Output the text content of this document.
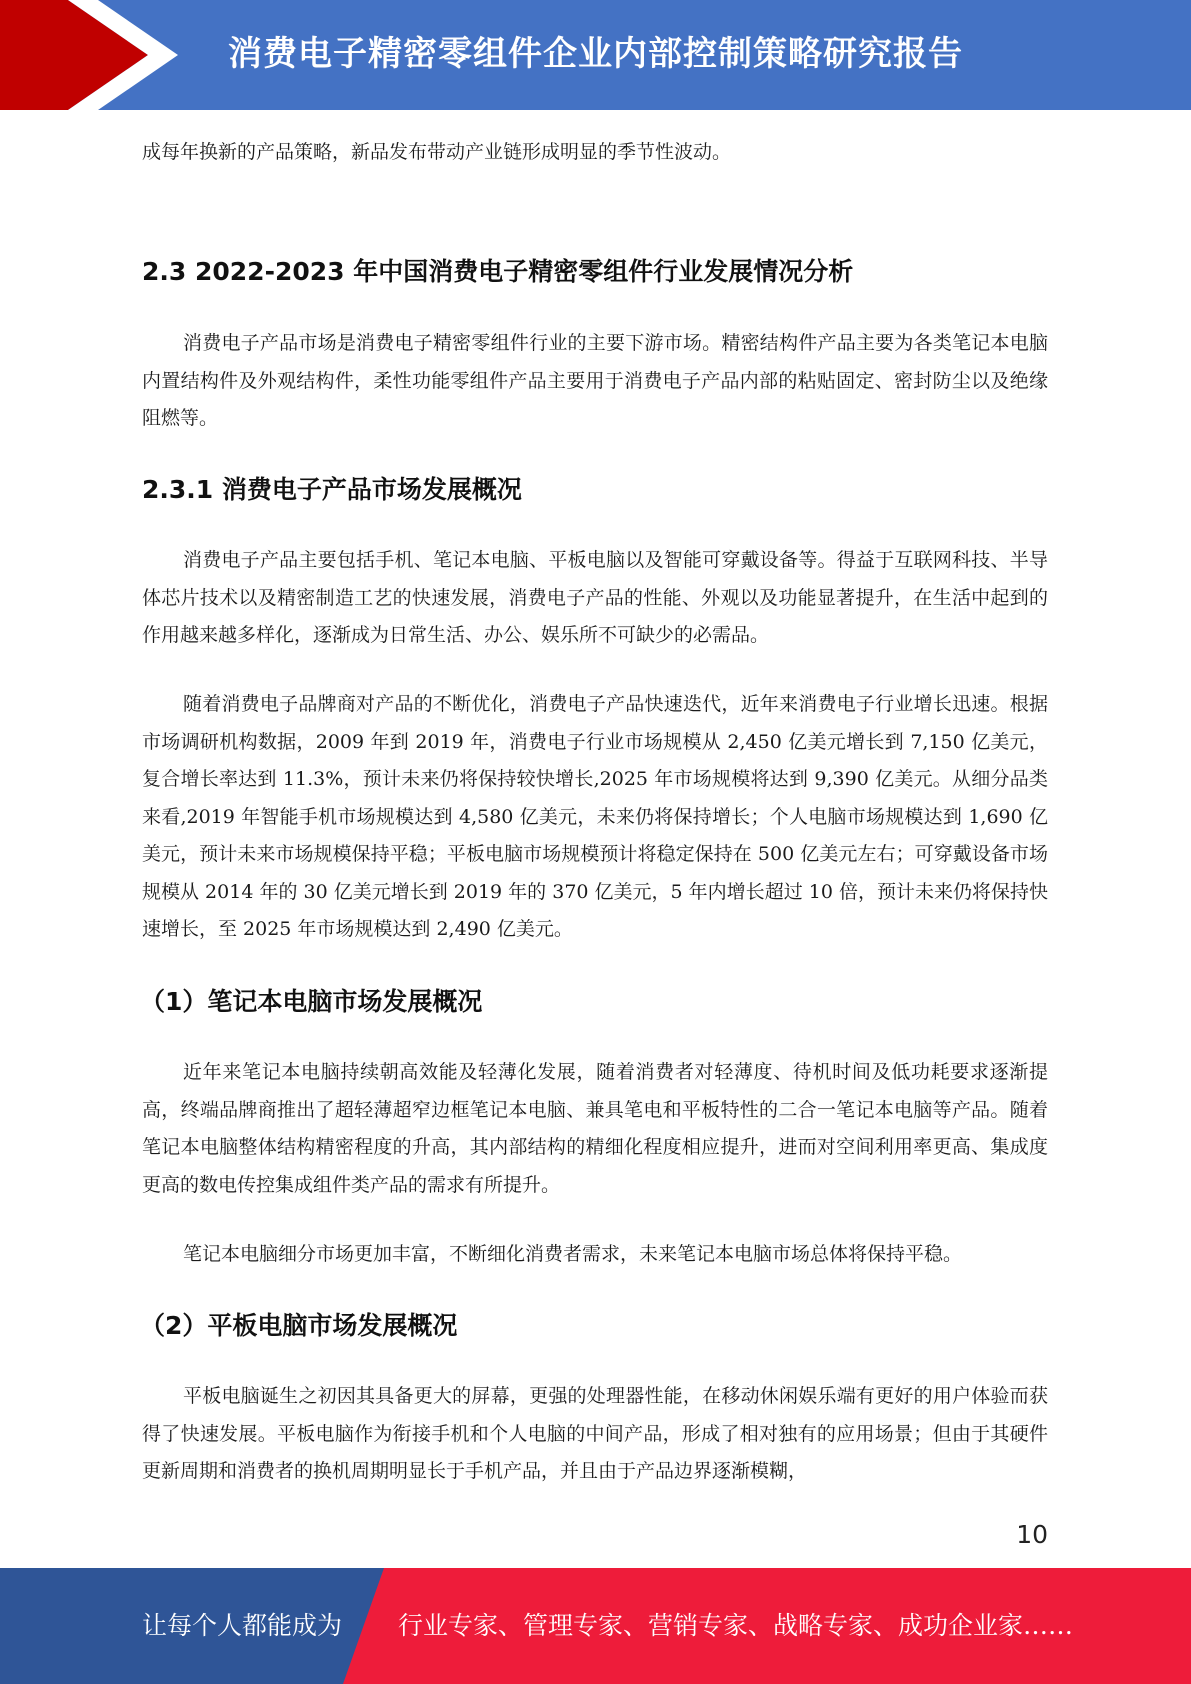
消费电子精密零组件企业内部控制策略研究报告

成每年换新的产品策略，新品发布带动产业链形成明显的季节性波动。

2.3 2022-2023 年中国消费电子精密零组件行业发展情况分析

消费电子产品市场是消费电子精密零组件行业的主要下游市场。精密结构件产品主要为各类笔记本电脑内置结构件及外观结构件，柔性功能零组件产品主要用于消费电子产品内部的粘贴固定、密封防尘以及绝缘阻燃等。

2.3.1 消费电子产品市场发展概况

消费电子产品主要包括手机、笔记本电脑、平板电脑以及智能可穿戴设备等。得益于互联网科技、半导体芯片技术以及精密制造工艺的快速发展，消费电子产品的性能、外观以及功能显著提升，在生活中起到的作用越来越多样化，逐渐成为日常生活、办公、娱乐所不可缺少的必需品。

随着消费电子品牌商对产品的不断优化，消费电子产品快速迭代，近年来消费电子行业增长迅速。根据市场调研机构数据，2009 年到 2019 年，消费电子行业市场规模从 2,450 亿美元增长到 7,150 亿美元，复合增长率达到 11.3%，预计未来仍将保持较快增长,2025 年市场规模将达到 9,390 亿美元。从细分品类来看,2019 年智能手机市场规模达到 4,580 亿美元，未来仍将保持增长；个人电脑市场规模达到 1,690 亿美元，预计未来市场规模保持平稳；平板电脑市场规模预计将稳定保持在 500 亿美元左右；可穿戴设备市场规模从 2014 年的 30 亿美元增长到 2019 年的 370 亿美元，5 年内增长超过 10 倍，预计未来仍将保持快速增长，至 2025 年市场规模达到 2,490 亿美元。

（1）笔记本电脑市场发展概况

近年来笔记本电脑持续朝高效能及轻薄化发展，随着消费者对轻薄度、待机时间及低功耗要求逐渐提高，终端品牌商推出了超轻薄超窄边框笔记本电脑、兼具笔电和平板特性的二合一笔记本电脑等产品。随着笔记本电脑整体结构精密程度的升高，其内部结构的精细化程度相应提升，进而对空间利用率更高、集成度更高的数电传控集成组件类产品的需求有所提升。

笔记本电脑细分市场更加丰富，不断细化消费者需求，未来笔记本电脑市场总体将保持平稳。

（2）平板电脑市场发展概况

平板电脑诞生之初因其具备更大的屏幕，更强的处理器性能，在移动休闲娱乐端有更好的用户体验而获得了快速发展。平板电脑作为衔接手机和个人电脑的中间产品，形成了相对独有的应用场景；但由于其硬件更新周期和消费者的换机周期明显长于手机产品，并且由于产品边界逐渐模糊，

10
让每个人都能成为 行业专家、管理专家、营销专家、战略专家、成功企业家……
